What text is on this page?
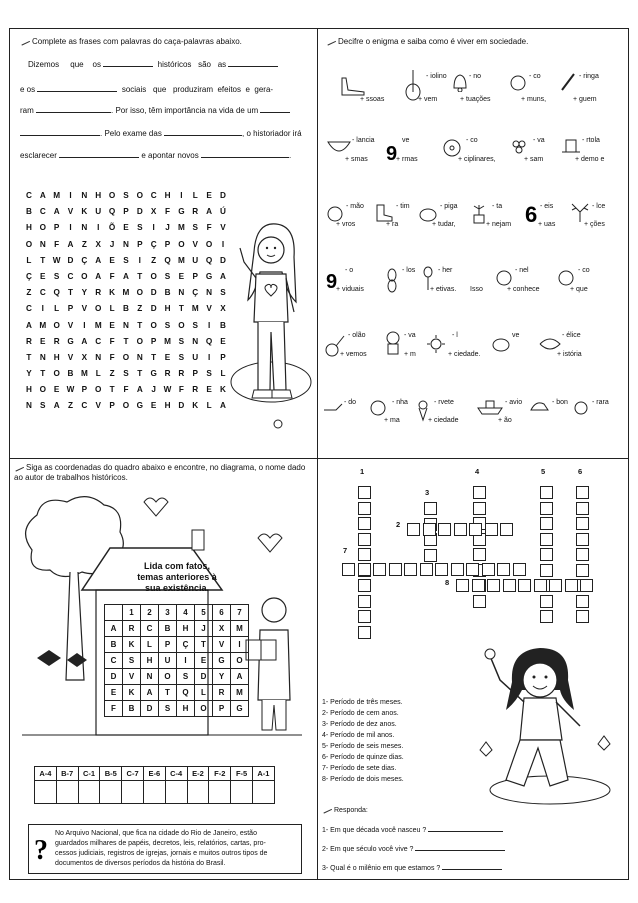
Complete as frases com palavras do caça-palavras abaixo.
Dizemos que os	históricos são as
e os	sociais que produziram efeitos e gera-
ram	. Por isso, têm importância na vida de um
. Pelo exame das	, o historiador irá
esclarecer	e apontar novos	.
C A M	I	N H O S O C H	I	L	E D
B C A V K U Q P D X	F G R A Ú
H O P	I	N	I	Õ E	S	I	J M S	F	V
O N	F	A	Z	X	J	N P Ç P O V O	I
L	T W D Ç A E	S	I	Z Q M U Q D
Ç E	S C O A	F	A	T O S	E	P G A
Z	C Q T	Y R K M O D B N Ç N S
C	I	L	P	V O L	B	Z	D H	T M V	X
A M O V	I	M E N	T O S O S	I	B
R E R G A C	F	T O P M S N Q E
T	N H V	X N	F O N	T	E	S U	I	P
Y	T O B M L	Z	S	T G R R P	S	L
H O E W P O T	F	A	J W F	R E K
N S A	Z	C V	P O G E H D K	L	A
Decifre o enigma e saiba como é viver em sociedade.
+ ssoas
- iolino
+ vem
- no
+ tuações
- co
+ muns,
- ringa
+ guem
- lancia
+ smas 9
ve
+ rmas
- co
+ ciplinares,
- va
+ sam
- rtola
+ demo e
- mão
+ vros
- tim
+ ra
- piga
+ tudar,
- ta
+ nejam 6 - eis
+ uas
- lce
+ ções
9
- o
+ viduais
- los	- her
+ etivas. Isso
- nel
+ conhece
- co
+ que
- olão
+ vemos
- va
+ m
- l
+ ciedade.
ve	- élice
+ istória
- do	- nha
+ ma
- rvete
+ ciedade
- avio
+ ão
- bon	- rara
Siga as coordenadas do quadro abaixo e encontre, no diagrama, o nome dado
ao autor de trabalhos históricos.
Lida com fatos,
temas anteriores à
sua existência.
	1	2	3	4	5	6	7
A	R	C	B	H	J	X	M
B	K	L	P	Ç	T	V	I
C	S	H	U	I	E	G	O
D	V	N	O	S	D	Y	A
E	K	A	T	Q	L	R	M
F	B	D	S	H	O	P	G
A-4	B-7	C-1	B-5	C-7	E-6	C-4	E-2	F-2	F-5	A-1

?
No Arquivo Nacional, que fica na cidade do Rio de Janeiro, estão
guardados milhares de papéis, decretos, leis, relatórios, cartas, pro-
cessos judiciais, registros de igrejas, jornais e muitos outros tipos de
documentos de diversos períodos da história do Brasil.
1
3
4	5	6
2
7
8
1- Período de três meses.
2- Período de cem anos.
3- Período de dez anos.
4- Período de mil anos.
5- Período de seis meses.
6- Período de quinze dias.
7- Período de sete dias.
8- Período de dois meses.
Responda:
1- Em que década você nasceu ?
2- Em que século você vive ?
3- Qual é o milênio em que estamos ?
